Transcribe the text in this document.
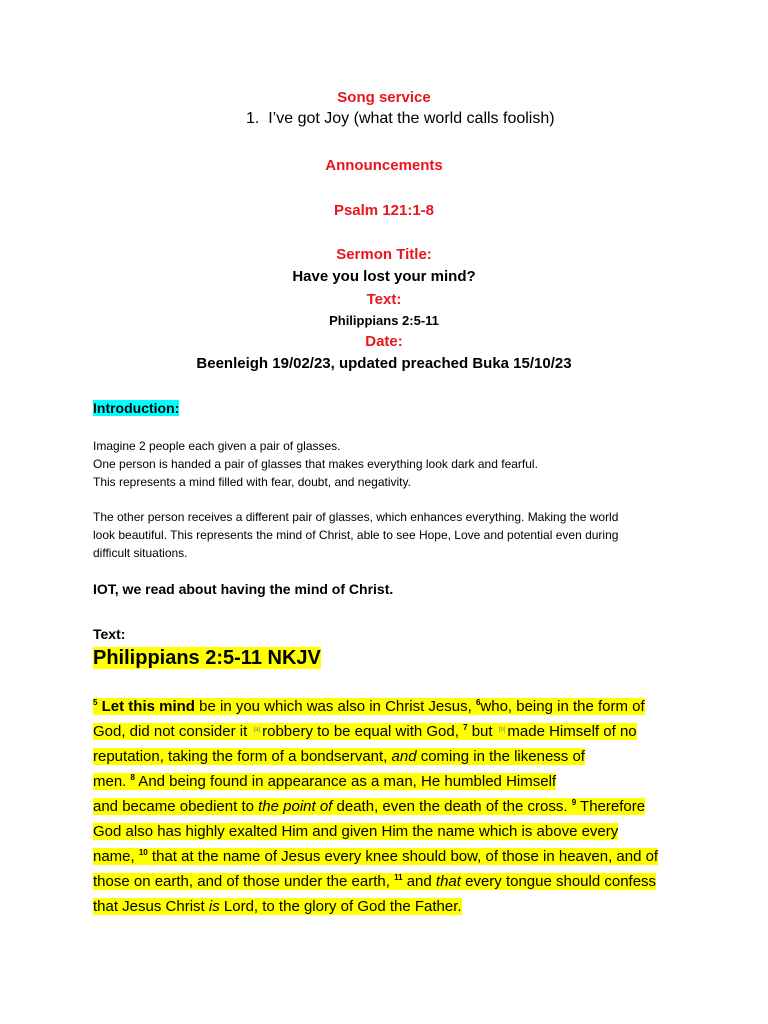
Song service
1. I’ve got Joy (what the world calls foolish)
Announcements
Psalm 121:1-8
Sermon Title:
Have you lost your mind?
Text:
Philippians 2:5-11
Date:
Beenleigh 19/02/23, updated preached Buka 15/10/23
Introduction:
Imagine 2 people each given a pair of glasses.
One person is handed a pair of glasses that makes everything look dark and fearful.
This represents a mind filled with fear, doubt, and negativity.
The other person receives a different pair of glasses, which enhances everything. Making the world
look beautiful. This represents the mind of Christ, able to see Hope, Love and potential even during
difficult situations.
IOT, we read about having the mind of Christ.
Text:
Philippians 2:5-11 NKJV
$^5$ Let this mind be in you which was also in Christ Jesus, $^6$who, being in the form of
God, did not consider it [a] robbery to be equal with God, $^7$ but [b] made Himself of no
reputation, taking the form of a bondservant, and coming in the likeness of
men. $^8$ And being found in appearance as a man, He humbled Himself
and became obedient to the point of death, even the death of the cross. $^9$ Therefore
God also has highly exalted Him and given Him the name which is above every
name, $^{10}$ that at the name of Jesus every knee should bow, of those in heaven, and of
those on earth, and of those under the earth, $^{11}$ and that every tongue should confess
that Jesus Christ is Lord, to the glory of God the Father.
